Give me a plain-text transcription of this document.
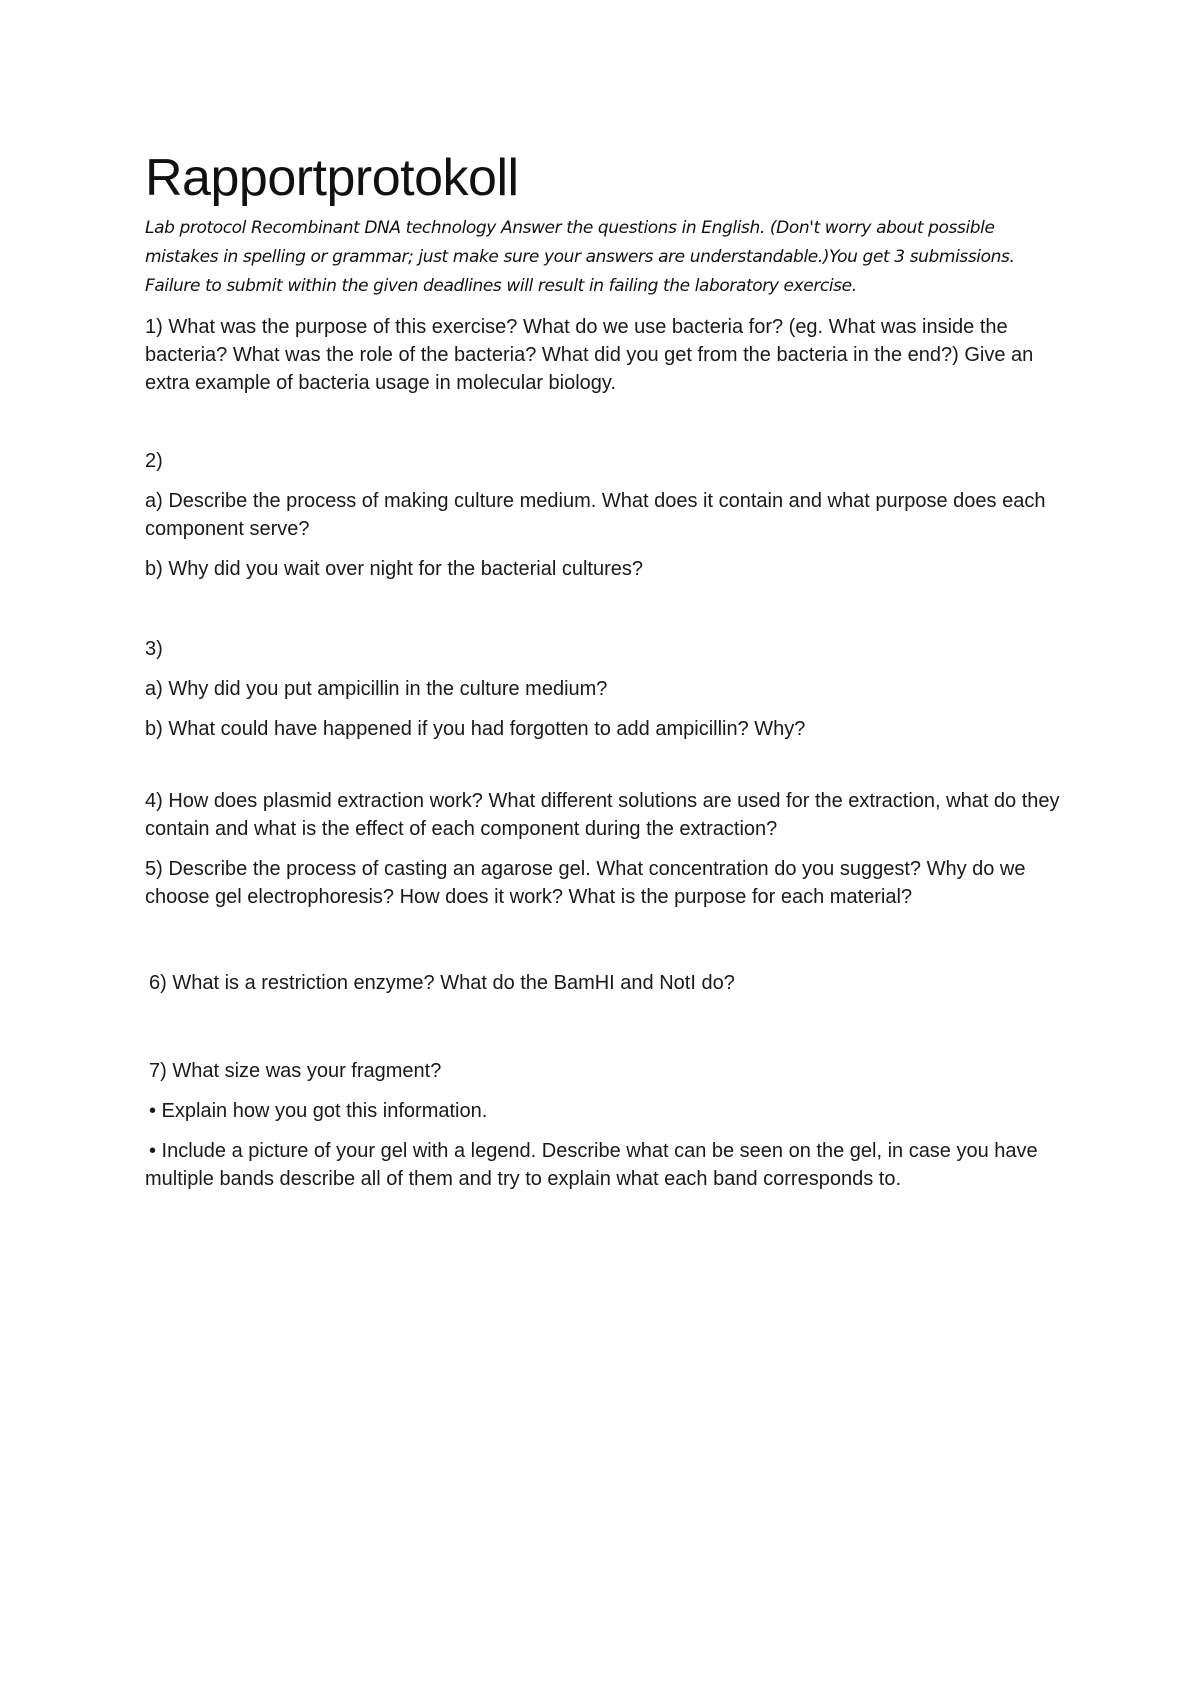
Rapportprotokoll

Lab protocol Recombinant DNA technology Answer the questions in English. (Don't worry about possible mistakes in spelling or grammar; just make sure your answers are understandable.)You get 3 submissions. Failure to submit within the given deadlines will result in failing the laboratory exercise.

1) What was the purpose of this exercise? What do we use bacteria for? (eg. What was inside the bacteria? What was the role of the bacteria? What did you get from the bacteria in the end?) Give an extra example of bacteria usage in molecular biology.

2)

a) Describe the process of making culture medium. What does it contain and what purpose does each component serve?

b) Why did you wait over night for the bacterial cultures?

3)

a) Why did you put ampicillin in the culture medium?

b) What could have happened if you had forgotten to add ampicillin? Why?

4) How does plasmid extraction work? What different solutions are used for the extraction, what do they contain and what is the effect of each component during the extraction?

5) Describe the process of casting an agarose gel. What concentration do you suggest? Why do we choose gel electrophoresis? How does it work? What is the purpose for each material?

6) What is a restriction enzyme? What do the BamHI and NotI do?

7) What size was your fragment?

• Explain how you got this information.

• Include a picture of your gel with a legend. Describe what can be seen on the gel, in case you have multiple bands describe all of them and try to explain what each band corresponds to.
